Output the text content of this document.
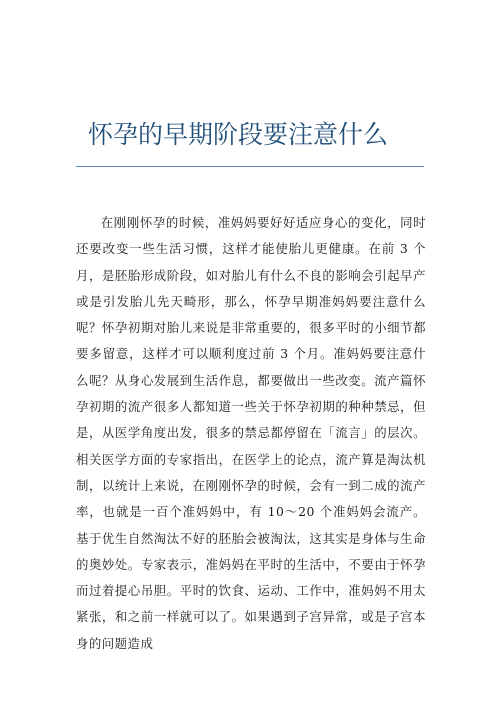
怀孕的早期阶段要注意什么

在刚刚怀孕的时候，准妈妈要好好适应身心的变化，同时还要改变一些生活习惯，这样才能使胎儿更健康。在前 3 个月，是胚胎形成阶段，如对胎儿有什么不良的影响会引起早产或是引发胎儿先天畸形，那么，怀孕早期准妈妈要注意什么呢？怀孕初期对胎儿来说是非常重要的，很多平时的小细节都要多留意，这样才可以顺利度过前 3 个月。准妈妈要注意什么呢？从身心发展到生活作息，都要做出一些改变。流产篇怀孕初期的流产很多人都知道一些关于怀孕初期的种种禁忌，但是，从医学角度出发，很多的禁忌都停留在「流言」的层次。相关医学方面的专家指出，在医学上的论点，流产算是淘汰机制，以统计上来说，在刚刚怀孕的时候，会有一到二成的流产率，也就是一百个准妈妈中，有 10～20 个准妈妈会流产。基于优生自然淘汰不好的胚胎会被淘汰，这其实是身体与生命的奥妙处。专家表示，准妈妈在平时的生活中，不要由于怀孕而过着提心吊胆。平时的饮食、运动、工作中，准妈妈不用太紧张，和之前一样就可以了。如果遇到子宫异常，或是子宫本身的问题造成
